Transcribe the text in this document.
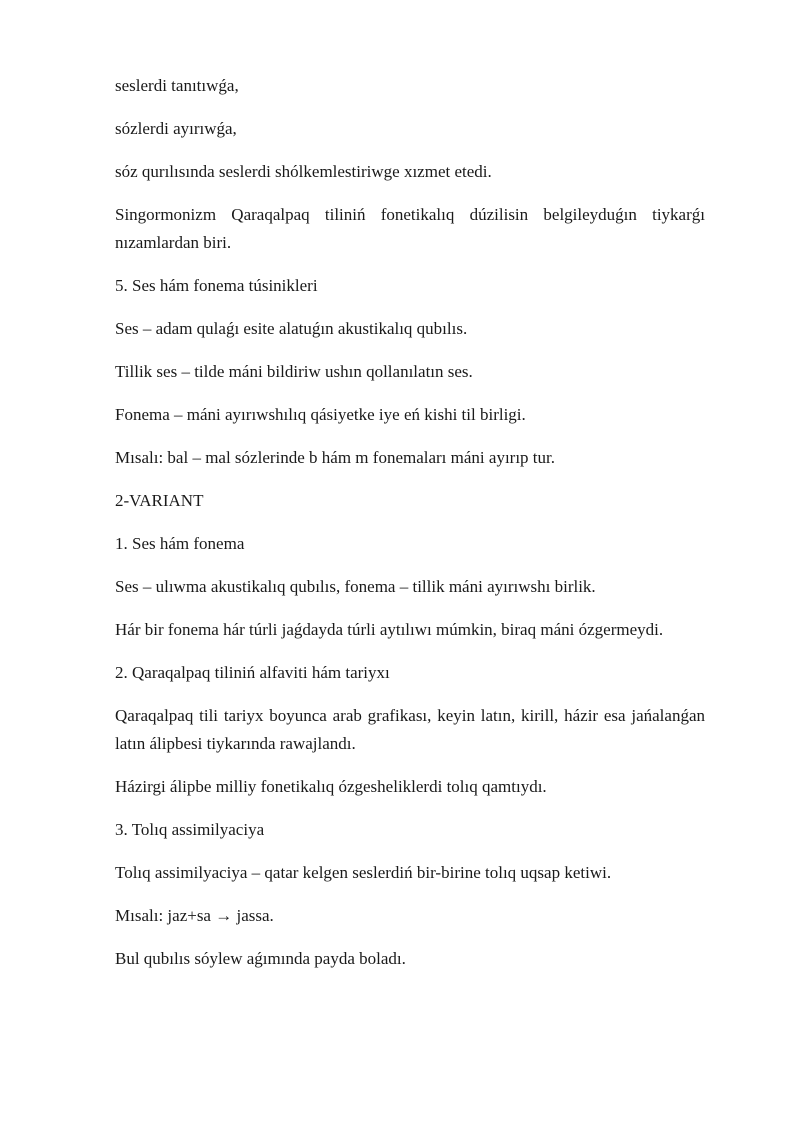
seslerdi tanıtıwǵa,

sózlerdi ayırıwǵa,

sóz qurılısında seslerdi shólkemlestiriwge xızmet etedi.

Singormonizm Qaraqalpaq tiliniń fonetikalıq dúzilisin belgileyduǵın tiykarǵı nızamlardan biri.

5. Ses hám fonema túsinikleri

Ses – adam qulaǵı esite alatuǵın akustikalıq qubılıs.

Tillik ses – tilde máni bildiriw ushın qollanılatın ses.

Fonema – máni ayırıwshılıq qásiyetke iye eń kishi til birligi.

Mısalı: bal – mal sózlerinde b hám m fonemaları máni ayırıp tur.

2-VARIANT

1. Ses hám fonema

Ses – ulıwma akustikalıq qubılıs, fonema – tillik máni ayırıwshı birlik.

Hár bir fonema hár túrli jaǵdayda túrli aytılıwı múmkin, biraq máni ózgermeydi.

2. Qaraqalpaq tiliniń alfaviti hám tariyxı

Qaraqalpaq tili tariyx boyunca arab grafikası, keyin latın, kirill, házir esa jańalanǵan latın álipbesi tiykarında rawajlandı.

Házirgi álipbe milliy fonetikalıq ózgesheliklerdi tolıq qamtıydı.

3. Tolıq assimilyaciya

Tolıq assimilyaciya – qatar kelgen seslerdiń bir-birine tolıq uqsap ketiwi.

Mısalı: jaz+sa → jassa.

Bul qubılıs sóylew aǵımında payda boladı.
